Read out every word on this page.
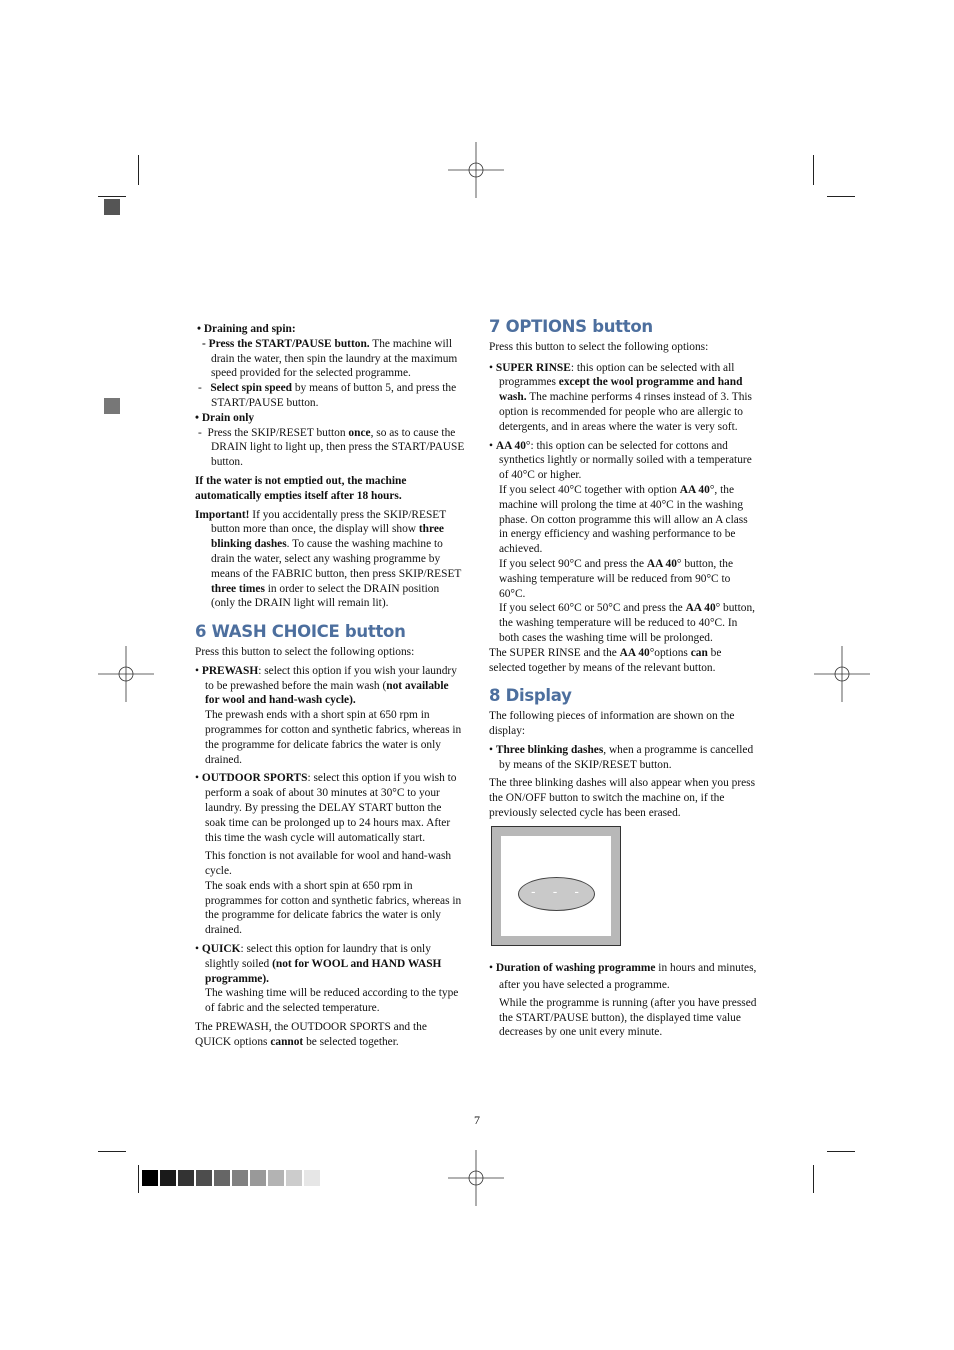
• Draining and spin:

- Press the START/PAUSE button. The machine will drain the water, then spin the laundry at the maximum speed provided for the selected programme.

- Select spin speed by means of button 5, and press the START/PAUSE button.

• Drain only

- Press the SKIP/RESET button once, so as to cause the DRAIN light to light up, then press the START/PAUSE button.

If the water is not emptied out, the machine automatically empties itself after 18 hours.

Important! If you accidentally press the SKIP/RESET button more than once, the display will show three blinking dashes. To cause the washing machine to drain the water, select any washing programme by means of the FABRIC button, then press SKIP/RESET three times in order to select the DRAIN position (only the DRAIN light will remain lit).

6 WASH CHOICE button

Press this button to select the following options:

• PREWASH: select this option if you wish your laundry to be prewashed before the main wash (not available for wool and hand-wash cycle).

The prewash ends with a short spin at 650 rpm in programmes for cotton and synthetic fabrics, whereas in the programme for delicate fabrics the water is only drained.

• OUTDOOR SPORTS: select this option if you wish to perform a soak of about 30 minutes at 30°C to your laundry. By pressing the DELAY START button the soak time can be prolonged up to 24 hours max. After this time the wash cycle will automatically start.

This fonction is not available for wool and hand-wash cycle.

The soak ends with a short spin at 650 rpm in programmes for cotton and synthetic fabrics, whereas in the programme for delicate fabrics the water is only drained.

• QUICK: select this option for laundry that is only slightly soiled (not for WOOL and HAND WASH programme).

The washing time will be reduced according to the type of fabric and the selected temperature.

The PREWASH, the OUTDOOR SPORTS and the QUICK options cannot be selected together.

7 OPTIONS button

Press this button to select the following options:

• SUPER RINSE: this option can be selected with all programmes except the wool programme and hand wash. The machine performs 4 rinses instead of 3. This option is recommended for people who are allergic to detergents, and in areas where the water is very soft.

• AA 40°: this option can be selected for cottons and synthetics lightly or normally soiled with a temperature of 40°C or higher.

If you select 40°C together with option AA 40°, the machine will prolong the time at 40°C in the washing phase. On cotton programme this will allow an A class in energy efficiency and washing performance to be achieved.

If you select 90°C and press the AA 40° button, the washing temperature will be reduced from 90°C to 60°C.

If you select 60°C or 50°C and press the AA 40° button, the washing temperature will be reduced to 40°C. In both cases the washing time will be prolonged.

The SUPER RINSE and the AA 40°options can be selected together by means of the relevant button.

8 Display

The following pieces of information are shown on the display:

• Three blinking dashes, when a programme is cancelled by means of the SKIP/RESET button.

The three blinking dashes will also appear when you press the ON/OFF button to switch the machine on, if the previously selected cycle has been erased.

- - -

• Duration of washing programme in hours and minutes, after you have selected a programme.

While the programme is running (after you have pressed the START/PAUSE button), the displayed time value decreases by one unit every minute.

7
